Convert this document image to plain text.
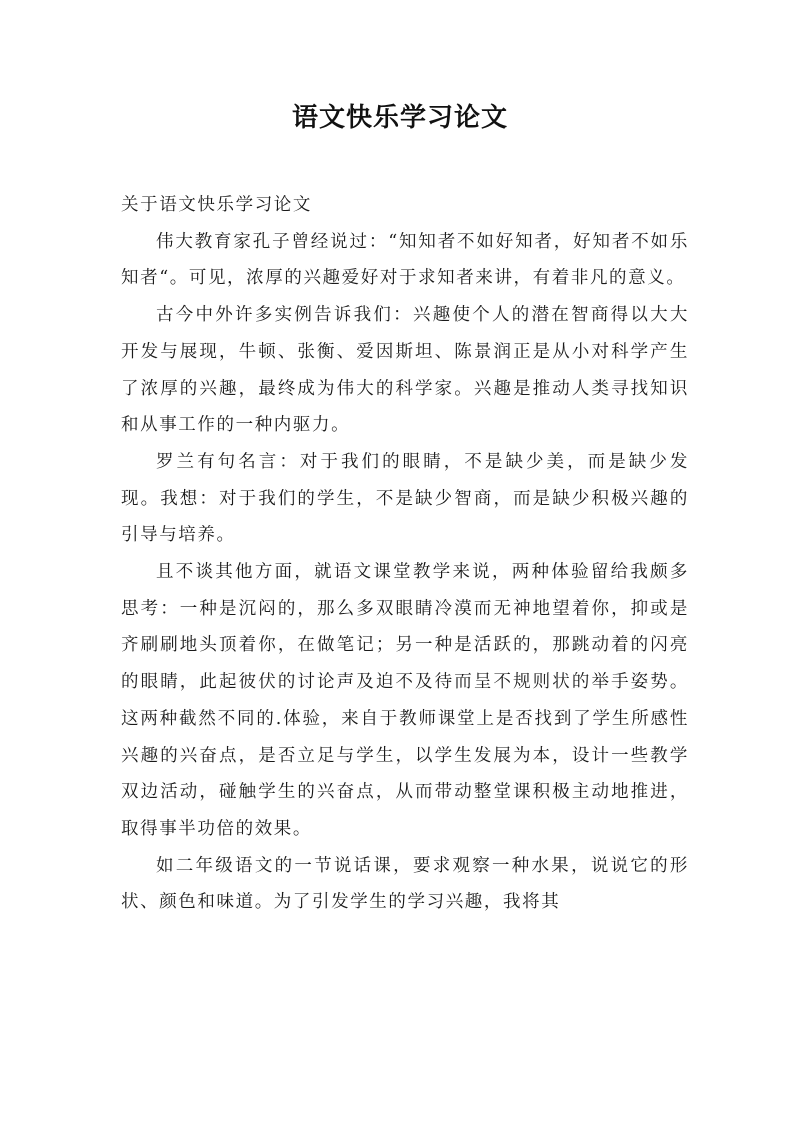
语文快乐学习论文

关于语文快乐学习论文

伟大教育家孔子曾经说过：“知知者不如好知者，好知者不如乐知者“。可见，浓厚的兴趣爱好对于求知者来讲，有着非凡的意义。

古今中外许多实例告诉我们：兴趣使个人的潜在智商得以大大开发与展现，牛顿、张衡、爱因斯坦、陈景润正是从小对科学产生了浓厚的兴趣，最终成为伟大的科学家。兴趣是推动人类寻找知识和从事工作的一种内驱力。

罗兰有句名言：对于我们的眼睛，不是缺少美，而是缺少发现。我想：对于我们的学生，不是缺少智商，而是缺少积极兴趣的引导与培养。

且不谈其他方面，就语文课堂教学来说，两种体验留给我颇多思考：一种是沉闷的，那么多双眼睛冷漠而无神地望着你，抑或是齐刷刷地头顶着你，在做笔记；另一种是活跃的，那跳动着的闪亮的眼睛，此起彼伏的讨论声及迫不及待而呈不规则状的举手姿势。这两种截然不同的.体验，来自于教师课堂上是否找到了学生所感性兴趣的兴奋点，是否立足与学生，以学生发展为本，设计一些教学双边活动，碰触学生的兴奋点，从而带动整堂课积极主动地推进，取得事半功倍的效果。

如二年级语文的一节说话课，要求观察一种水果，说说它的形状、颜色和味道。为了引发学生的学习兴趣，我将其
